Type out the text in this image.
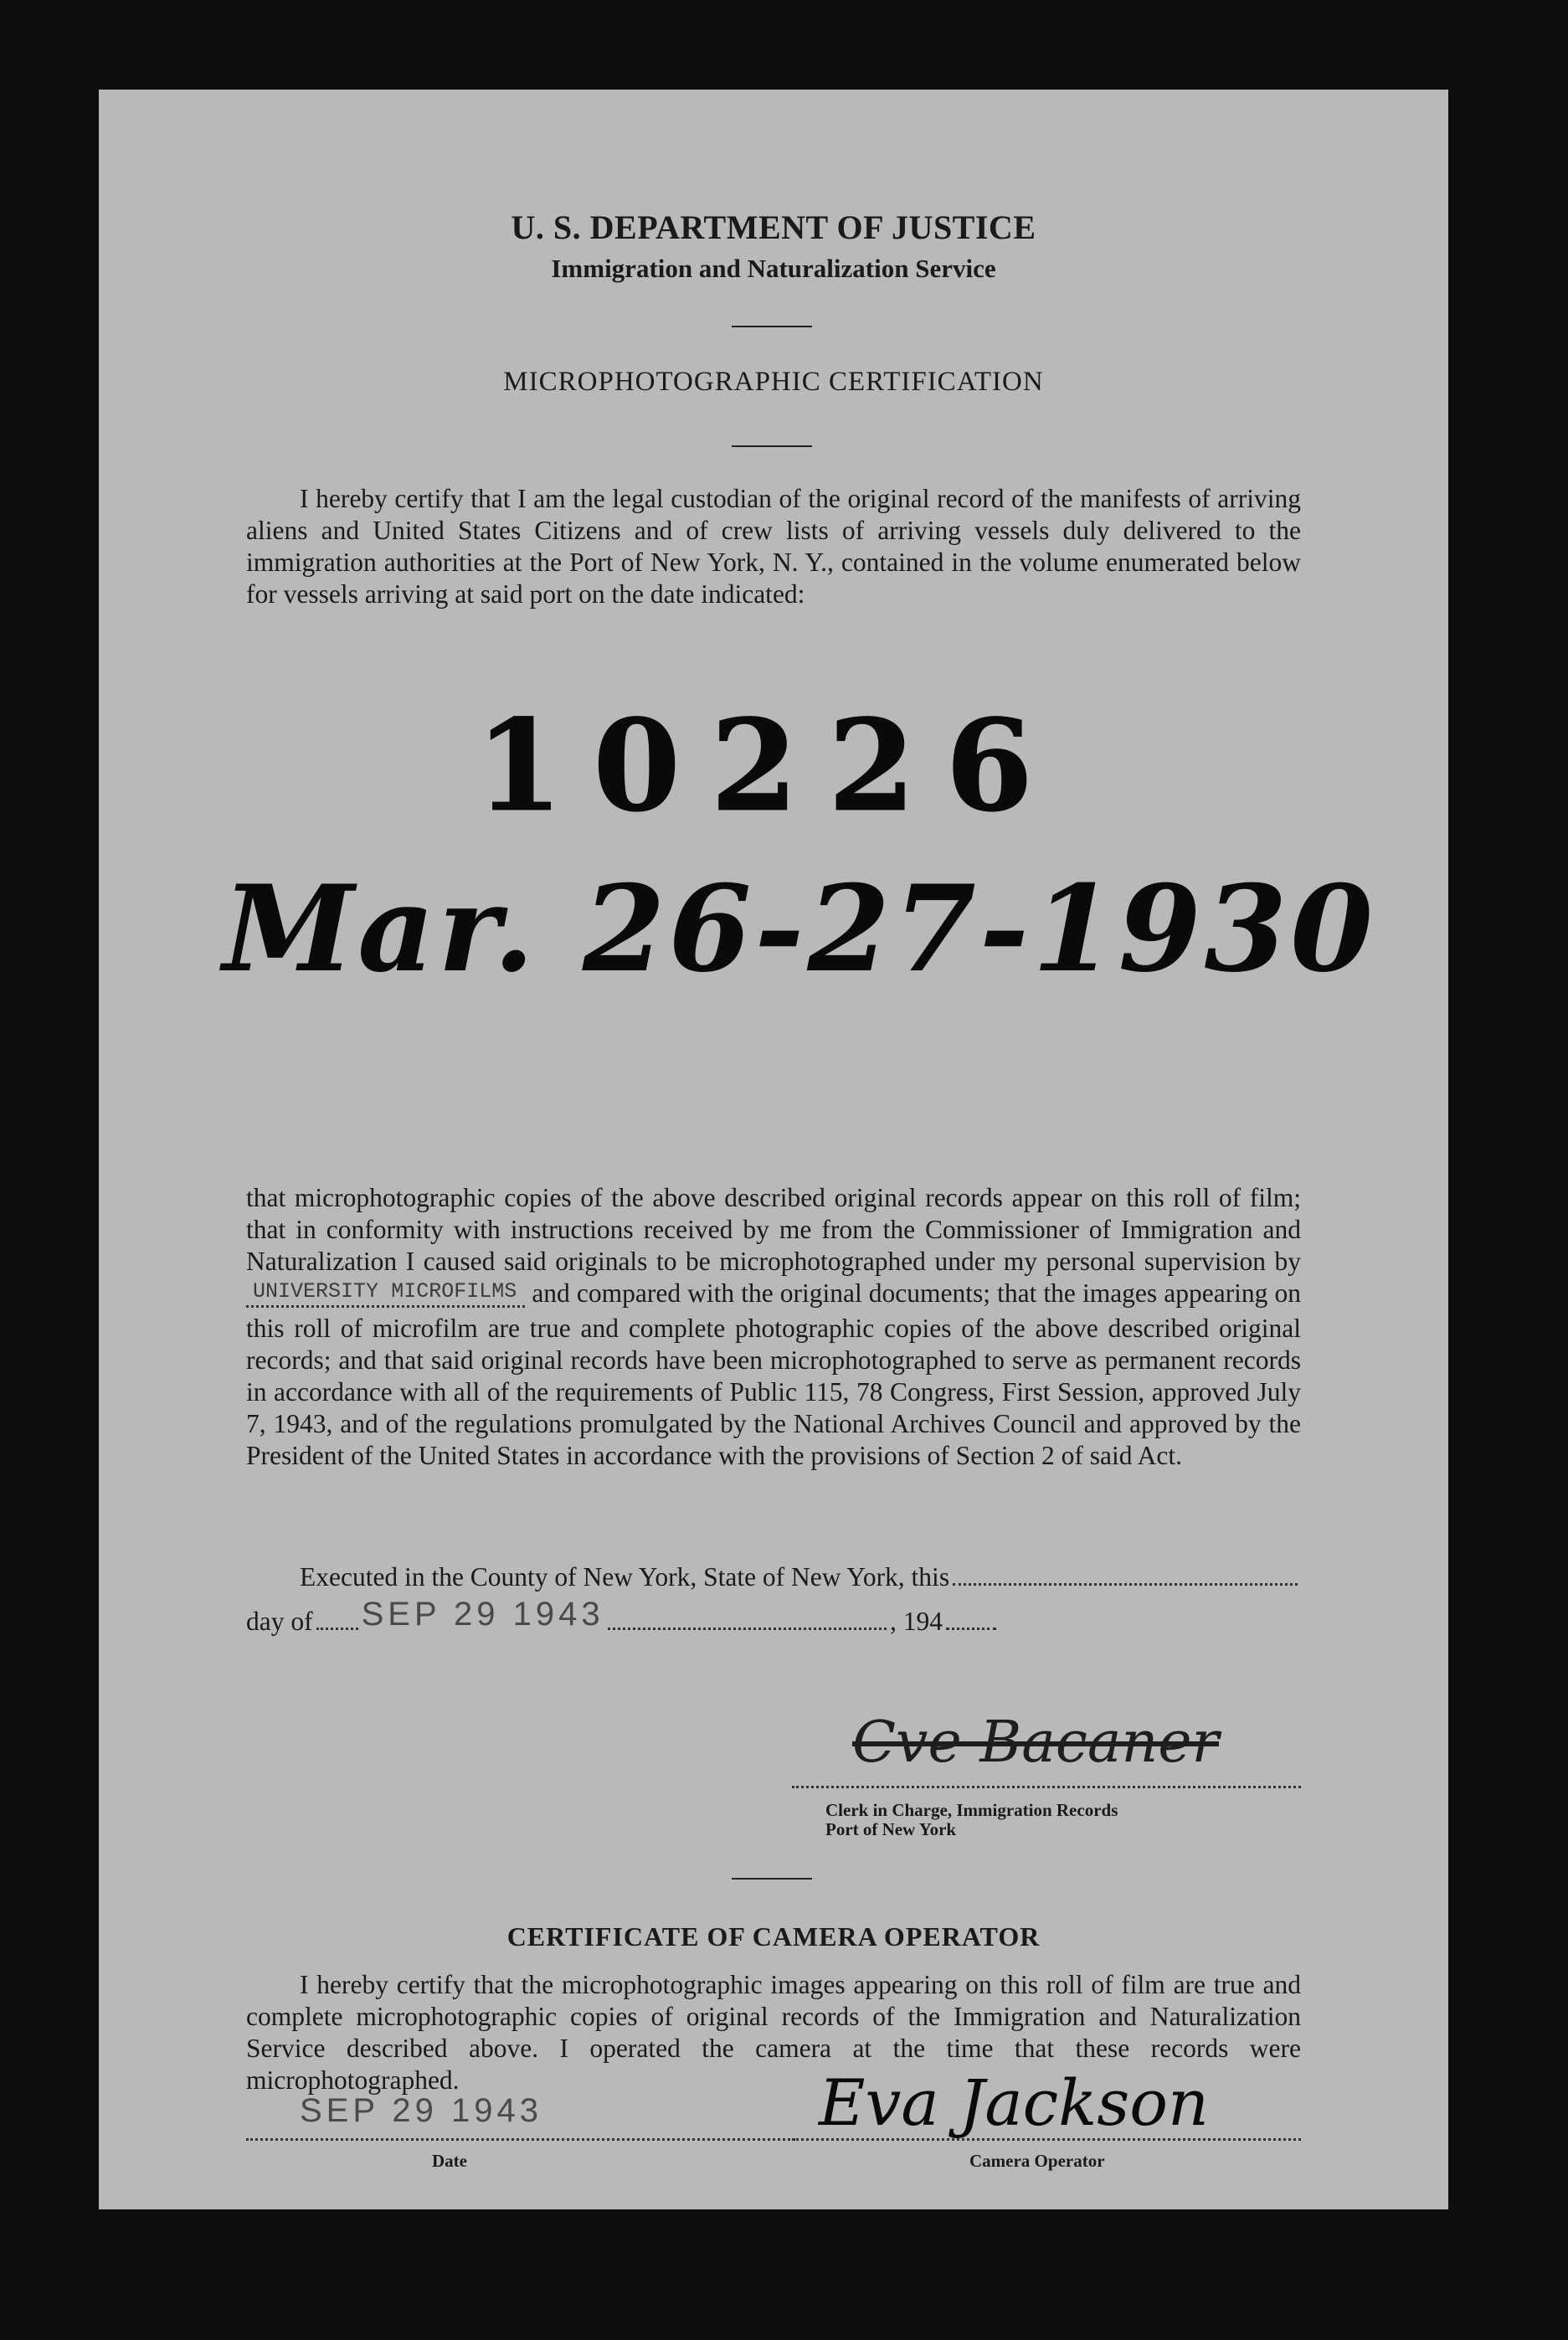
U. S. DEPARTMENT OF JUSTICE
Immigration and Naturalization Service
MICROPHOTOGRAPHIC CERTIFICATION

I hereby certify that I am the legal custodian of the original record of the manifests of arriving aliens and United States Citizens and of crew lists of arriving vessels duly delivered to the immigration authorities at the Port of New York, N. Y., contained in the volume enumerated below for vessels arriving at said port on the date indicated:

10226
Mar. 26-27-1930

that microphotographic copies of the above described original records appear on this roll of film; that in conformity with instructions received by me from the Commissioner of Immigration and Naturalization I caused said originals to be microphotographed under my personal supervision by UNIVERSITY MICROFILMS and compared with the original documents; that the images appearing on this roll of microfilm are true and complete photographic copies of the above described original records; and that said original records have been microphotographed to serve as permanent records in accordance with all of the requirements of Public 115, 78 Congress, First Session, approved July 7, 1943, and of the regulations promulgated by the National Archives Council and approved by the President of the United States in accordance with the provisions of Section 2 of said Act.

Executed in the County of New York, State of New York, this
day of SEP 29 1943	, 194
Cve Bacaner
Clerk in Charge, Immigration Records
Port of New York
CERTIFICATE OF CAMERA OPERATOR

I hereby certify that the microphotographic images appearing on this roll of film are true and complete microphotographic copies of original records of the Immigration and Naturalization Service described above. I operated the camera at the time that these records were microphotographed.

SEP 29 1943
Date
Eva Jackson
Camera Operator
